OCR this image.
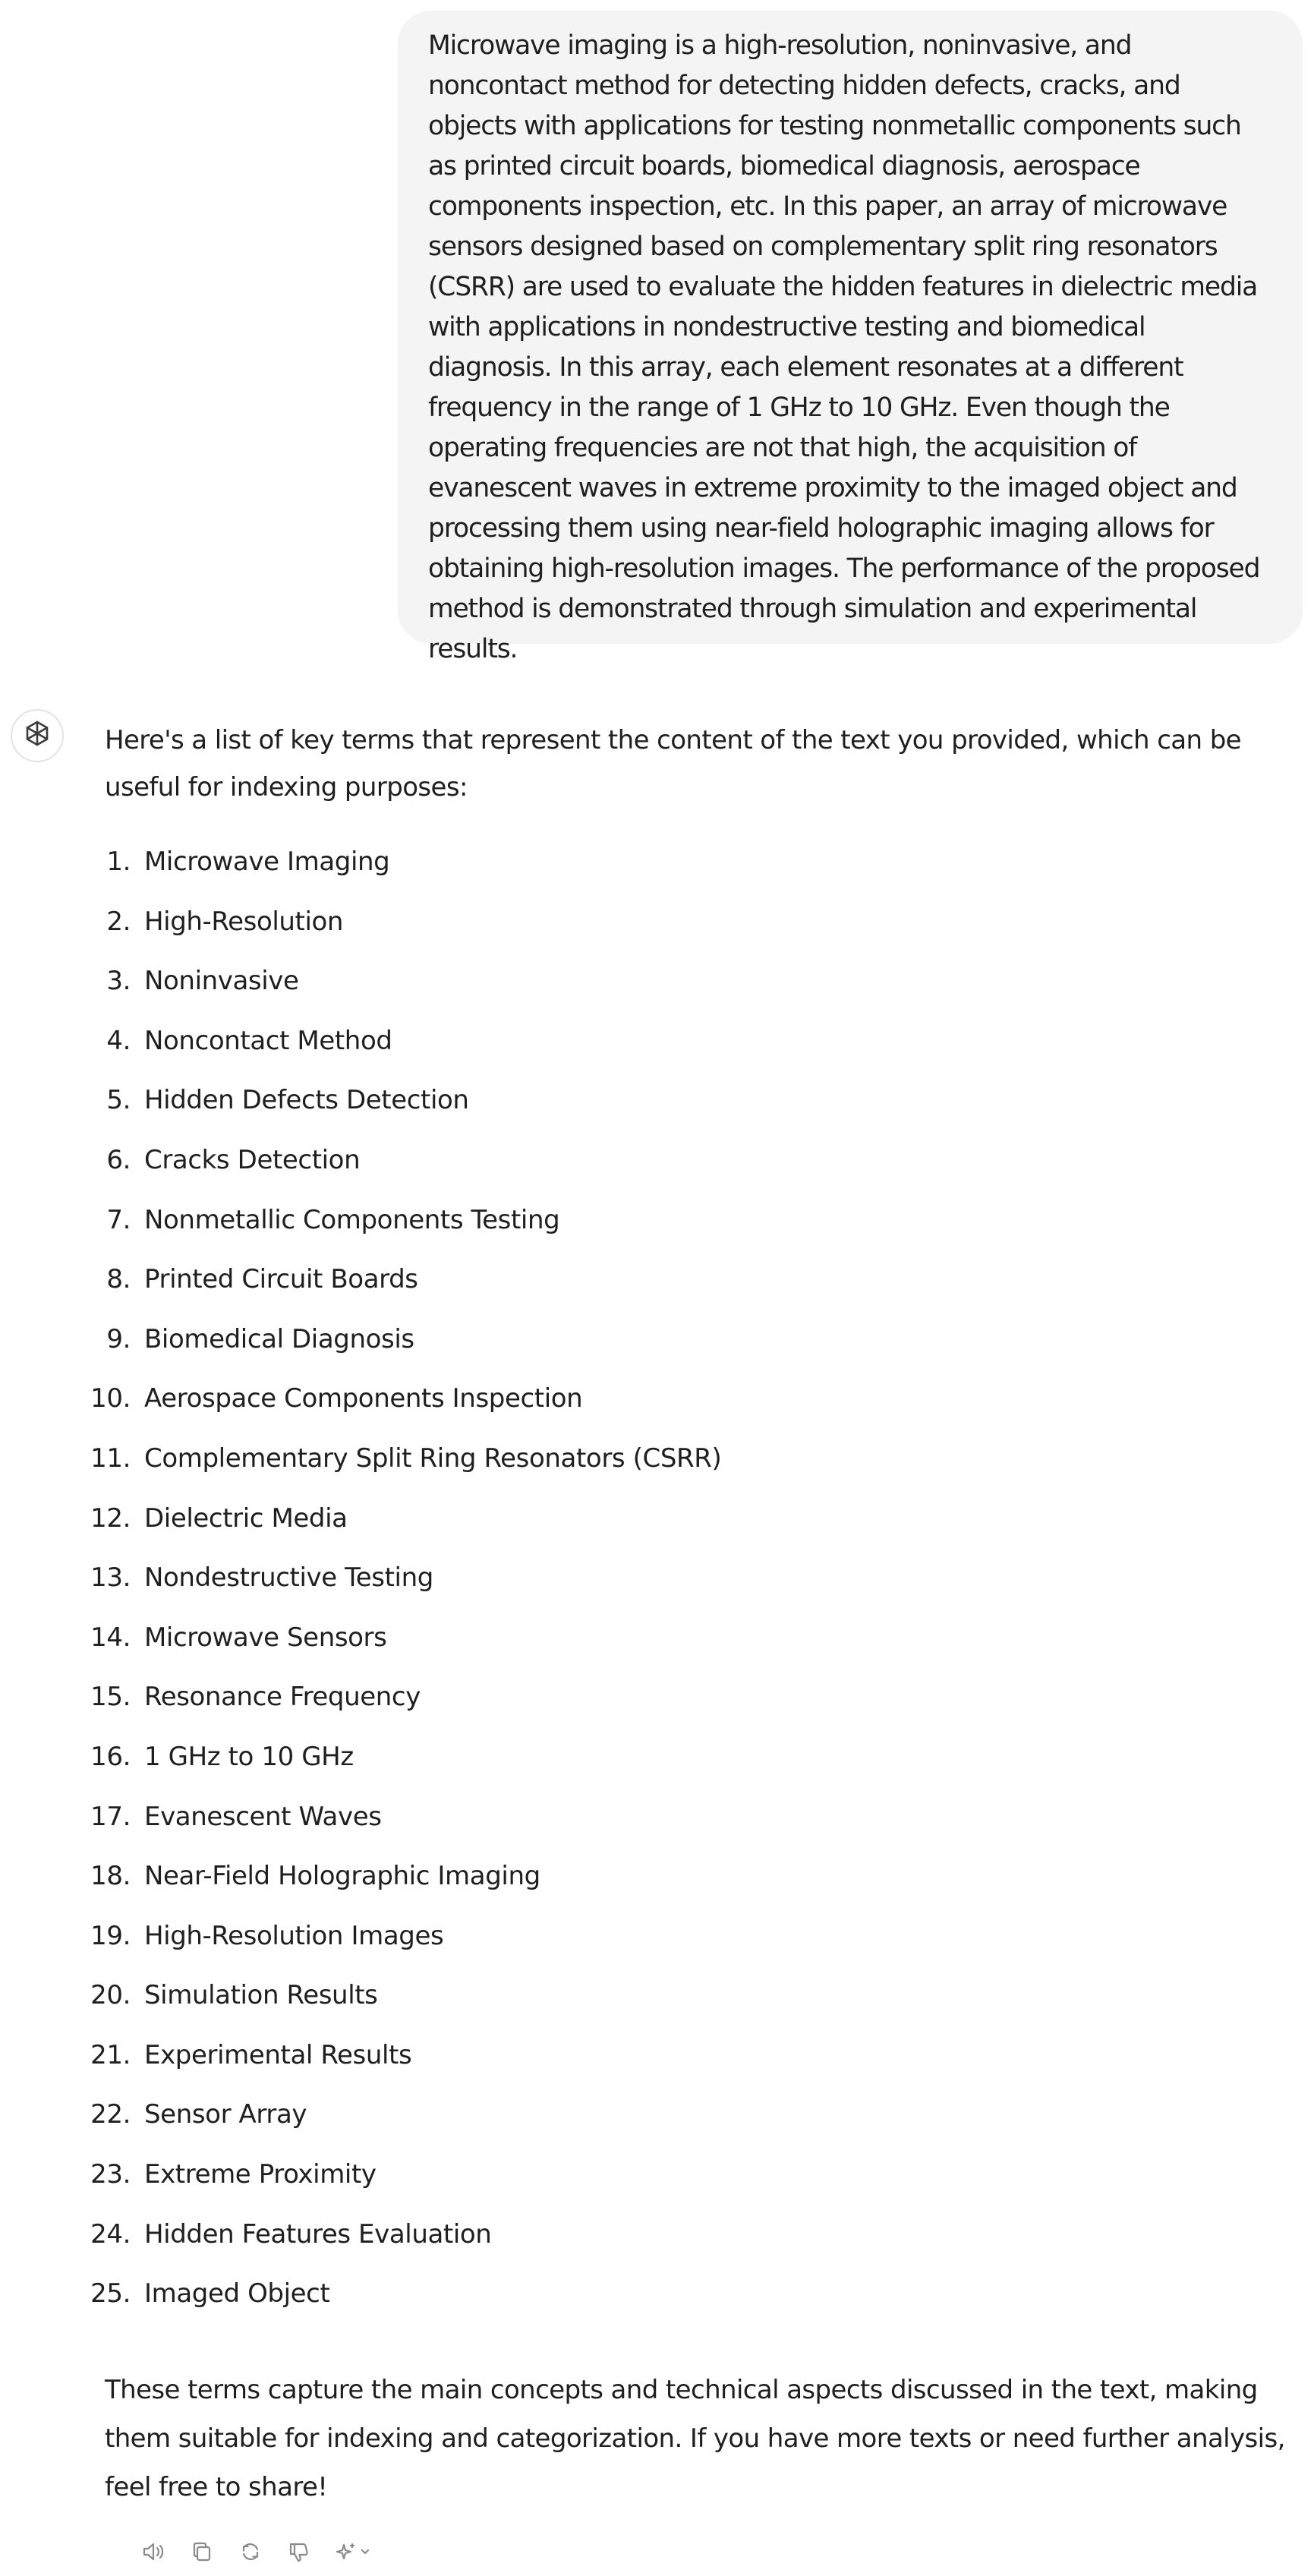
Microwave imaging is a high-resolution, noninvasive, and noncontact method for detecting hidden defects, cracks, and objects with applications for testing nonmetallic components such as printed circuit boards, biomedical diagnosis, aerospace components inspection, etc. In this paper, an array of microwave sensors designed based on complementary split ring resonators (CSRR) are used to evaluate the hidden features in dielectric media with applications in nondestructive testing and biomedical diagnosis. In this array, each element resonates at a different frequency in the range of 1 GHz to 10 GHz. Even though the operating frequencies are not that high, the acquisition of evanescent waves in extreme proximity to the imaged object and processing them using near-field holographic imaging allows for obtaining high-resolution images. The performance of the proposed method is demonstrated through simulation and experimental results.

Here's a list of key terms that represent the content of the text you provided, which can be useful for indexing purposes:

1. Microwave Imaging
2. High-Resolution
3. Noninvasive
4. Noncontact Method
5. Hidden Defects Detection
6. Cracks Detection
7. Nonmetallic Components Testing
8. Printed Circuit Boards
9. Biomedical Diagnosis
10. Aerospace Components Inspection
11. Complementary Split Ring Resonators (CSRR)
12. Dielectric Media
13. Nondestructive Testing
14. Microwave Sensors
15. Resonance Frequency
16. 1 GHz to 10 GHz
17. Evanescent Waves
18. Near-Field Holographic Imaging
19. High-Resolution Images
20. Simulation Results
21. Experimental Results
22. Sensor Array
23. Extreme Proximity
24. Hidden Features Evaluation
25. Imaged Object

These terms capture the main concepts and technical aspects discussed in the text, making them suitable for indexing and categorization. If you have more texts or need further analysis, feel free to share!
